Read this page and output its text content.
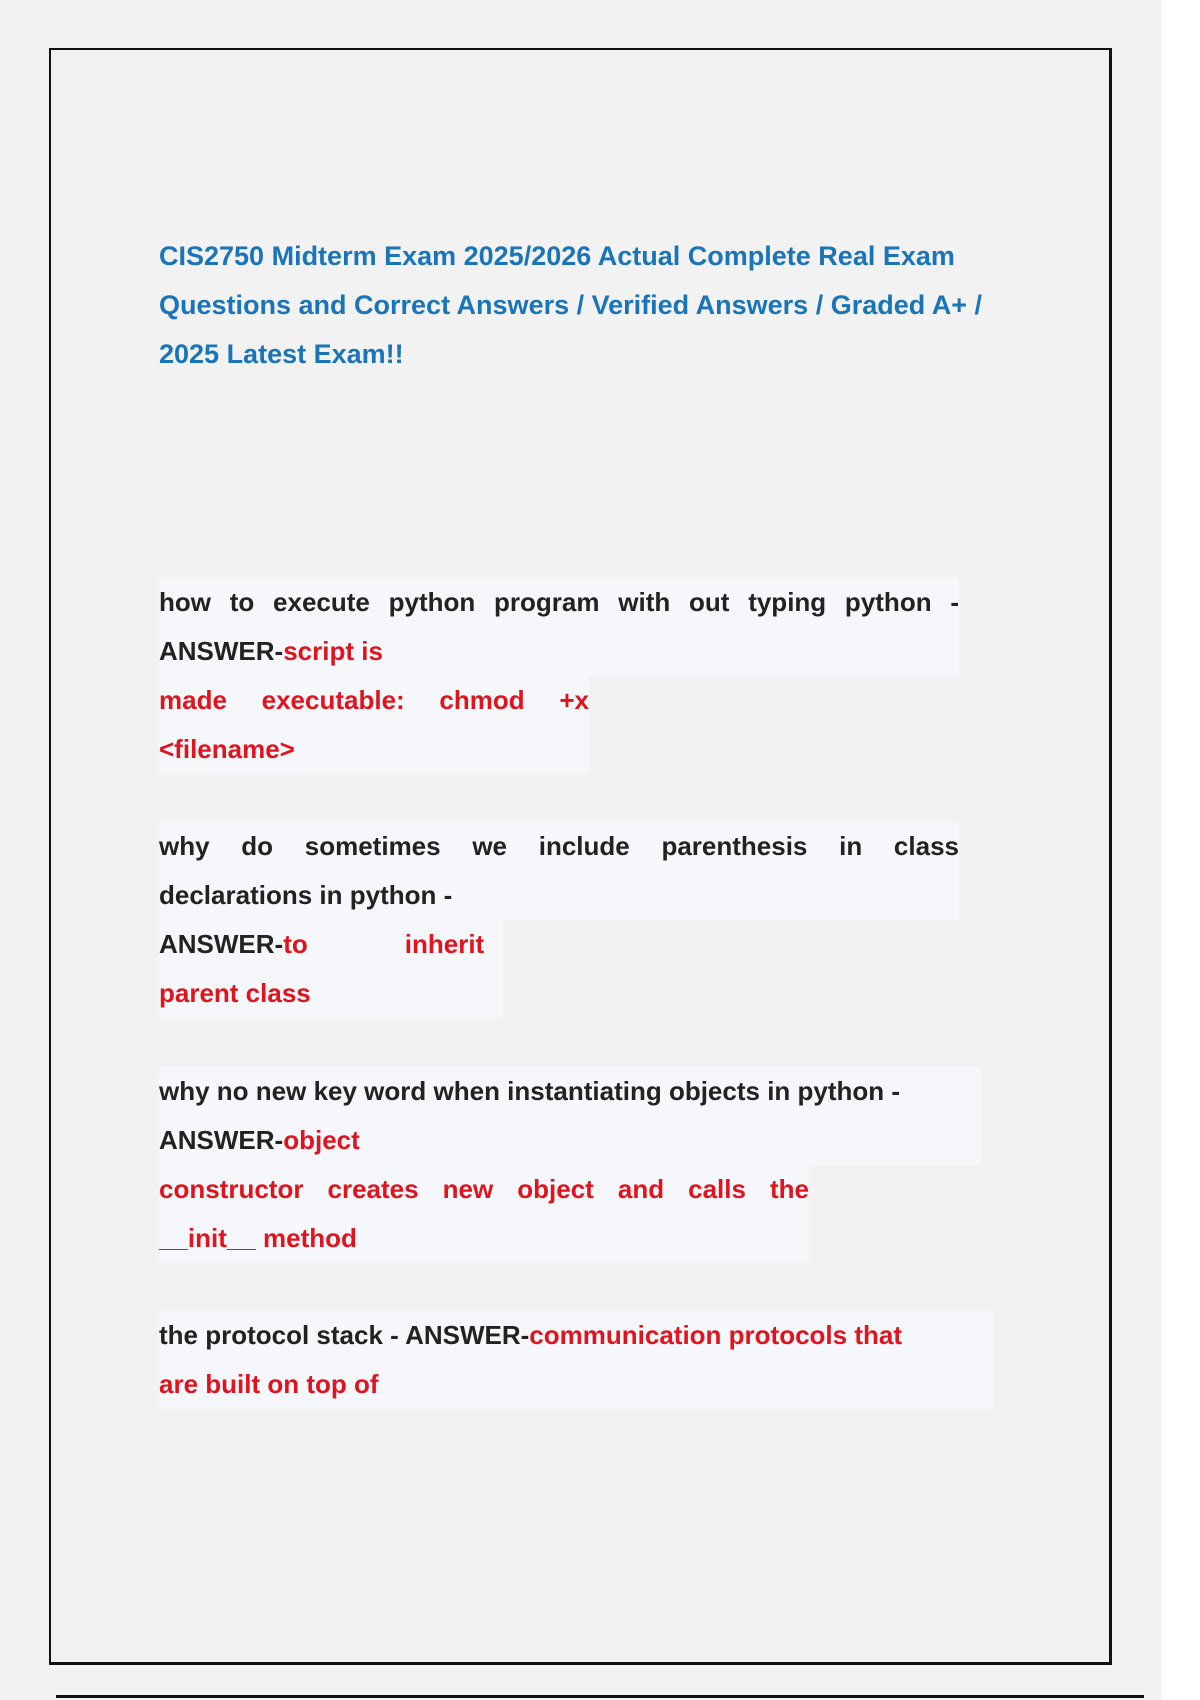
CIS2750 Midterm Exam 2025/2026 Actual Complete Real Exam Questions and Correct Answers / Verified Answers / Graded A+ / 2025 Latest Exam!!
how to execute python program with out typing python -
ANSWER-script is
made executable: chmod +x
<filename>
why do sometimes we include parenthesis in class
declarations in python -
ANSWER-to	inherit
parent class
why no new key word when instantiating objects in python -
ANSWER-object
constructor creates new object and calls the
__init__ method
the protocol stack - ANSWER-communication protocols that
are built on top of
